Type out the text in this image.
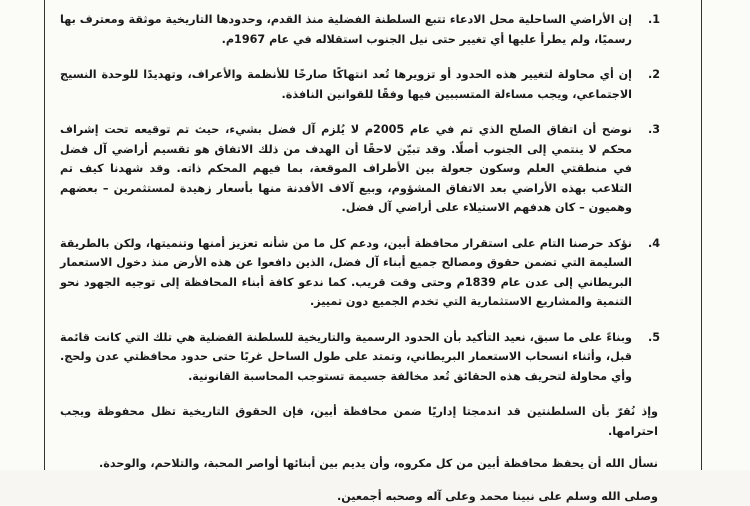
.1
إن الأراضي الساحلية محل الادعاء تتبع السلطنة الفضلية منذ القدم، وحدودها التاريخية موثقة ومعترف بها رسميًا، ولم يطرأ عليها أي تغيير حتى نيل الجنوب استقلاله في عام 1967م.
.2
إن أي محاولة لتغيير هذه الحدود أو تزويرها تُعد انتهاكًا صارخًا للأنظمة والأعراف، وتهديدًا للوحدة النسيج الاجتماعي، ويجب مساءلة المتسببين فيها وفقًا للقوانين النافذة.
.3
نوضح أن اتفاق الصلح الذي تم في عام 2005م لا يُلزم آل فضل بشيء، حيث تم توقيعه تحت إشراف محكم لا ينتمي إلى الجنوب أصلًا. وقد تبيّن لاحقًا أن الهدف من ذلك الاتفاق هو تقسيم أراضي آل فضل في منطقتي العلم وسكون جعولة بين الأطراف الموقعة، بما فيهم المحكم ذاته. وقد شهدنا كيف تم التلاعب بهذه الأراضي بعد الاتفاق المشؤوم، وبيع آلاف الأفدنة منها بأسعار زهيدة لمستثمرين – بعضهم وهميون – كان هدفهم الاستيلاء على أراضي آل فضل.
.4
نؤكد حرصنا التام على استقرار محافظة أبين، ودعم كل ما من شأنه تعزيز أمنها وتنميتها، ولكن بالطريقة السليمة التي تضمن حقوق ومصالح جميع أبناء آل فضل، الذين دافعوا عن هذه الأرض منذ دخول الاستعمار البريطاني إلى عدن عام 1839م وحتى وقت قريب. كما ندعو كافة أبناء المحافظة إلى توجيه الجهود نحو التنمية والمشاريع الاستثمارية التي تخدم الجميع دون تمييز.
.5
وبناءً على ما سبق، نعيد التأكيد بأن الحدود الرسمية والتاريخية للسلطنة الفضلية هي تلك التي كانت قائمة قبل، وأثناء انسحاب الاستعمار البريطاني، وتمتد على طول الساحل غربًا حتى حدود محافظتي عدن ولحج. وأي محاولة لتحريف هذه الحقائق تُعد مخالفة جسيمة تستوجب المحاسبة القانونية.

وإذ نُقرّ بأن السلطنتين قد اندمجتا إداريًا ضمن محافظة أبين، فإن الحقوق التاريخية تظل محفوظة ويجب احترامها.

نسأل الله أن يحفظ محافظة أبين من كل مكروه، وأن يديم بين أبنائها أواصر المحبة، والتلاحم، والوحدة.

وصلى الله وسلم على نبينا محمد وعلى آله وصحبه أجمعين.
